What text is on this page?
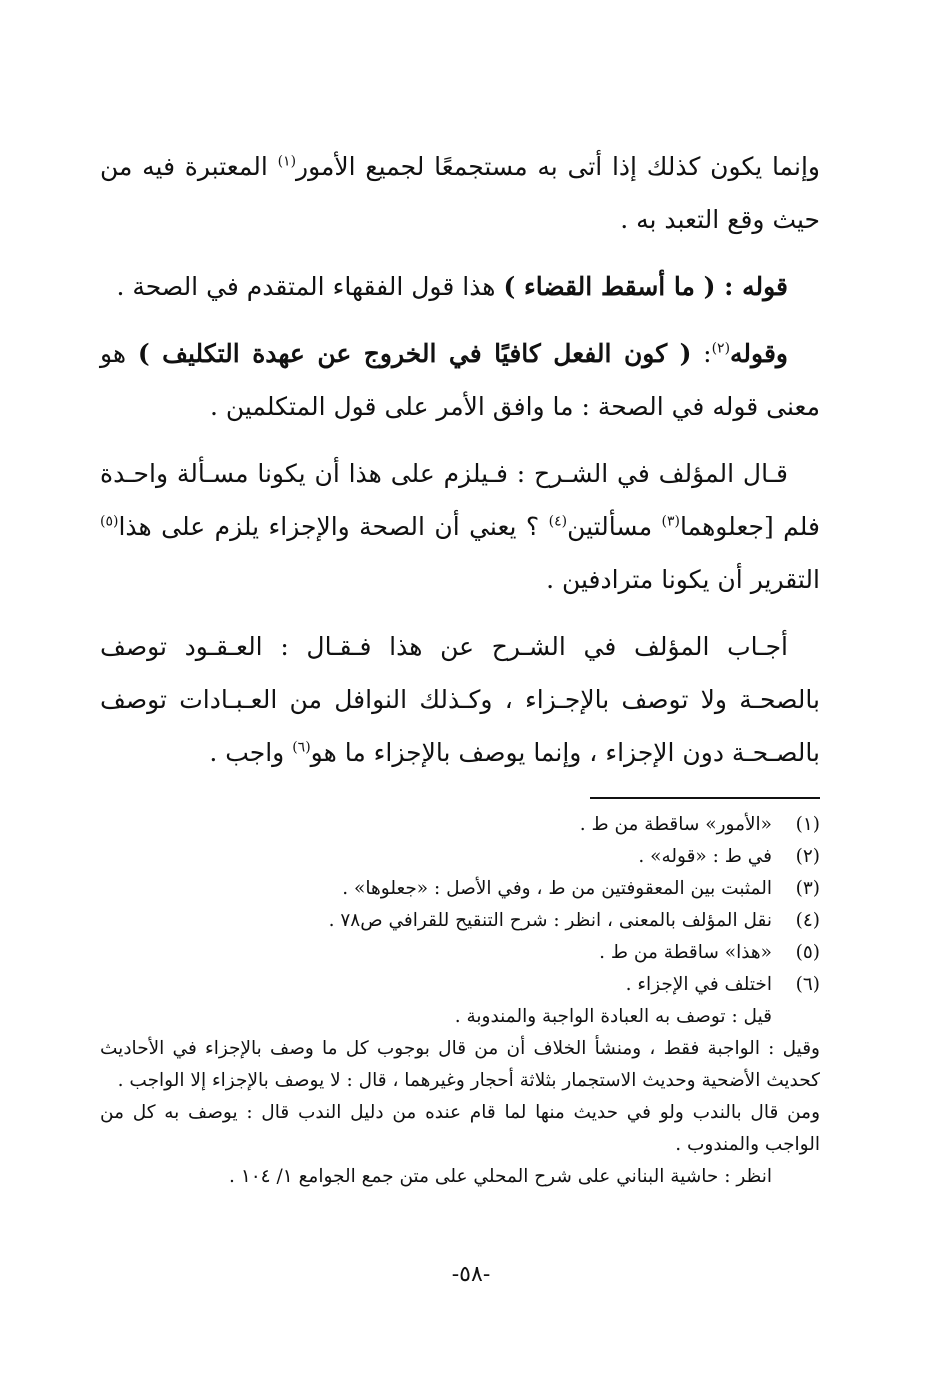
وإنما يكون كذلك إذا أتى به مستجمعًا لجميع الأمور$^{(١)}$ المعتبرة فيه من حيث وقع التعبد به .

قوله : ( ما أسقط القضاء ) هذا قول الفقهاء المتقدم في الصحة .

وقوله$^{(٢)}$: ( كون الفعل كافيًا في الخروج عن عهدة التكليف ) هو معنى قوله في الصحة : ما وافق الأمر على قول المتكلمين .

قـال المؤلف في الشـرح : فـيلزم على هذا أن يكونا مسـألة واحـدة فلم [جعلوهما$^{(٣)}$ مسألتين$^{(٤)}$ ؟ يعني أن الصحة والإجزاء يلزم على هذا$^{(٥)}$ التقرير أن يكونا مترادفين .

أجـاب المؤلف في الشـرح عن هذا فـقـال : العـقـود توصف بالصحـة ولا توصف بالإجـزاء ، وكـذلك النوافل من العـبـادات توصف بالصـحـة دون الإجزاء ، وإنما يوصف بالإجزاء ما هو$^{(٦)}$ واجب .

(١)
«الأمور» ساقطة من ط .
(٢)
في ط : «قوله» .
(٣)
المثبت بين المعقوفتين من ط ، وفي الأصل : «جعلوها» .
(٤)
نقل المؤلف بالمعنى ، انظر : شرح التنقيح للقرافي ص٧٨ .
(٥)
«هذا» ساقطة من ط .
(٦)
اختلف في الإجزاء .
قيل : توصف به العبادة الواجبة والمندوبة .
وقيل : الواجبة فقط ، ومنشأ الخلاف أن من قال بوجوب كل ما وصف بالإجزاء في الأحاديث كحديث الأضحية وحديث الاستجمار بثلاثة أحجار وغيرهما ، قال : لا يوصف بالإجزاء إلا الواجب .
ومن قال بالندب ولو في حديث منها لما قام عنده من دليل الندب قال : يوصف به كل من الواجب والمندوب .
انظر : حاشية البناني على شرح المحلي على متن جمع الجوامع ١/ ١٠٤ .
-٥٨-
